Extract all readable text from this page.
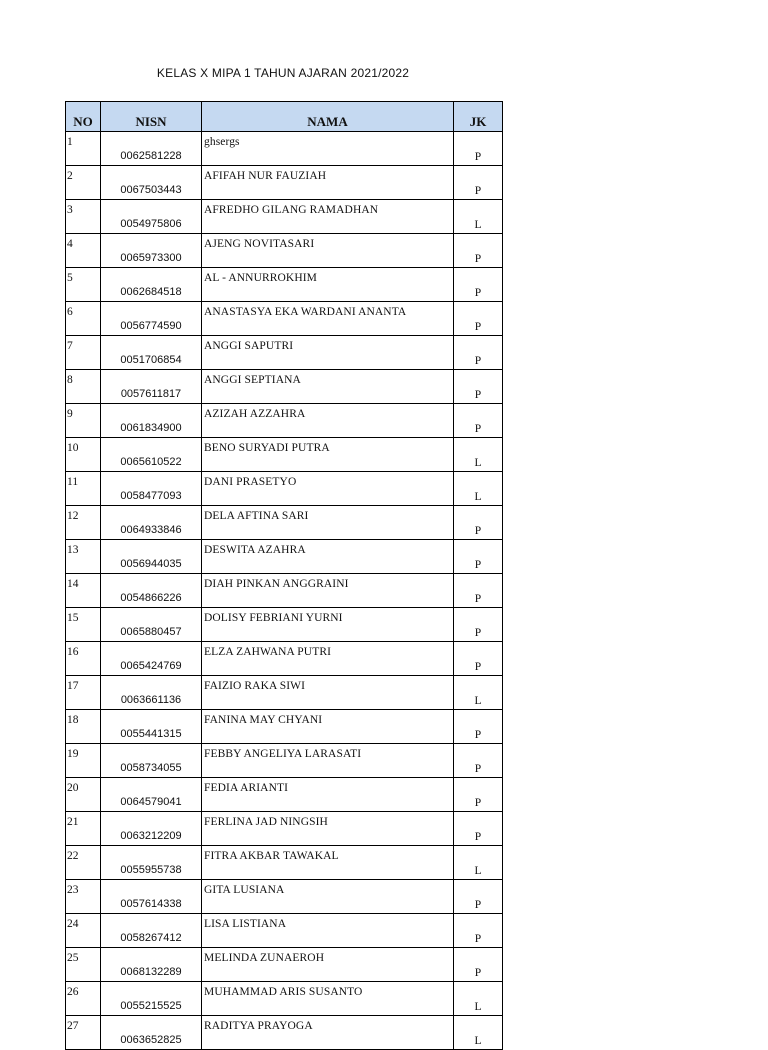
KELAS X MIPA 1 TAHUN AJARAN 2021/2022
NO	NISN	NAMA	JK
1	0062581228	ghsergs	P
2	0067503443	AFIFAH NUR FAUZIAH	P
3	0054975806	AFREDHO GILANG RAMADHAN	L
4	0065973300	AJENG NOVITASARI	P
5	0062684518	AL - ANNURROKHIM	P
6	0056774590	ANASTASYA EKA WARDANI ANANTA	P
7	0051706854	ANGGI SAPUTRI	P
8	0057611817	ANGGI SEPTIANA	P
9	0061834900	AZIZAH AZZAHRA	P
10	0065610522	BENO SURYADI PUTRA	L
11	0058477093	DANI PRASETYO	L
12	0064933846	DELA AFTINA SARI	P
13	0056944035	DESWITA AZAHRA	P
14	0054866226	DIAH PINKAN ANGGRAINI	P
15	0065880457	DOLISY FEBRIANI YURNI	P
16	0065424769	ELZA ZAHWANA PUTRI	P
17	0063661136	FAIZIO RAKA SIWI	L
18	0055441315	FANINA MAY CHYANI	P
19	0058734055	FEBBY ANGELIYA LARASATI	P
20	0064579041	FEDIA ARIANTI	P
21	0063212209	FERLINA JAD NINGSIH	P
22	0055955738	FITRA AKBAR TAWAKAL	L
23	0057614338	GITA LUSIANA	P
24	0058267412	LISA LISTIANA	P
25	0068132289	MELINDA ZUNAEROH	P
26	0055215525	MUHAMMAD ARIS SUSANTO	L
27	0063652825	RADITYA PRAYOGA	L
